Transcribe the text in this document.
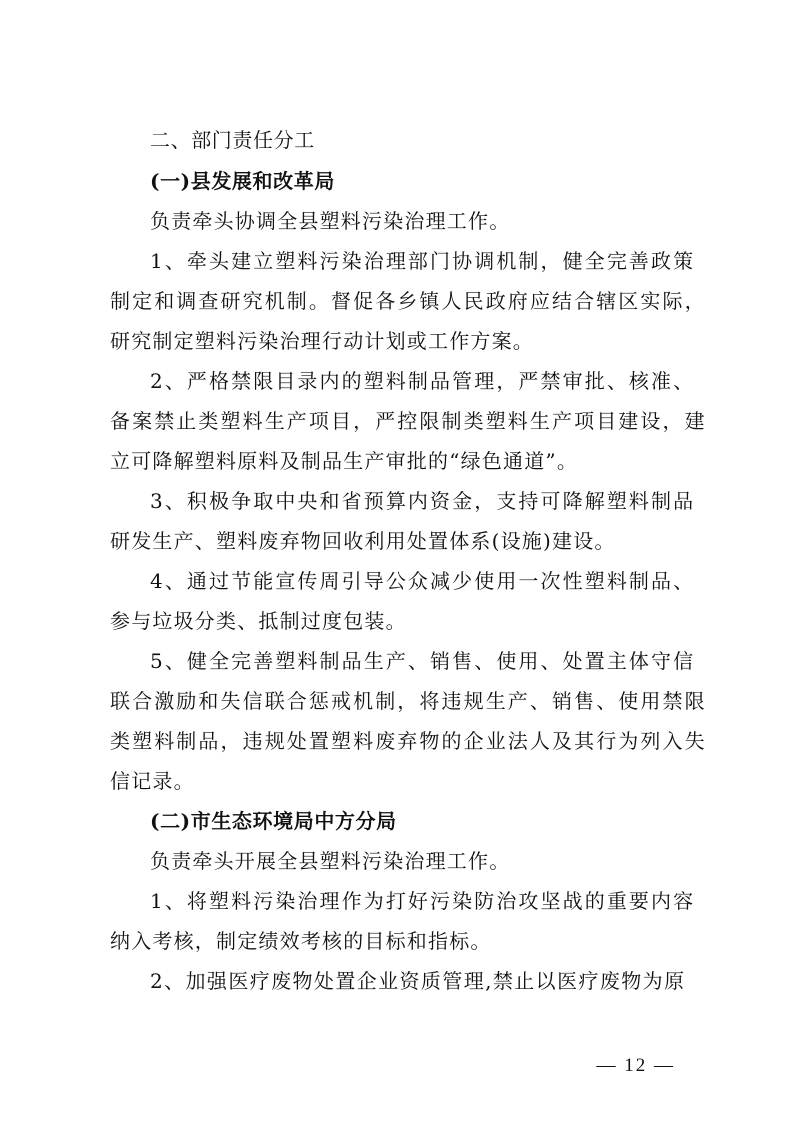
二、部门责任分工
(一)县发展和改革局
负责牵头协调全县塑料污染治理工作。
1、牵头建立塑料污染治理部门协调机制，健全完善政策
制定和调查研究机制。督促各乡镇人民政府应结合辖区实际，
研究制定塑料污染治理行动计划或工作方案。
2、严格禁限目录内的塑料制品管理，严禁审批、核准、
备案禁止类塑料生产项目，严控限制类塑料生产项目建设，建
立可降解塑料原料及制品生产审批的“绿色通道”。
3、积极争取中央和省预算内资金，支持可降解塑料制品
研发生产、塑料废弃物回收利用处置体系(设施)建设。
4、通过节能宣传周引导公众减少使用一次性塑料制品、
参与垃圾分类、抵制过度包装。
5、健全完善塑料制品生产、销售、使用、处置主体守信
联合激励和失信联合惩戒机制，将违规生产、销售、使用禁限
类塑料制品，违规处置塑料废弃物的企业法人及其行为列入失
信记录。
(二)市生态环境局中方分局
负责牵头开展全县塑料污染治理工作。
1、将塑料污染治理作为打好污染防治攻坚战的重要内容
纳入考核，制定绩效考核的目标和指标。
2、加强医疗废物处置企业资质管理,禁止以医疗废物为原
— 12 —
